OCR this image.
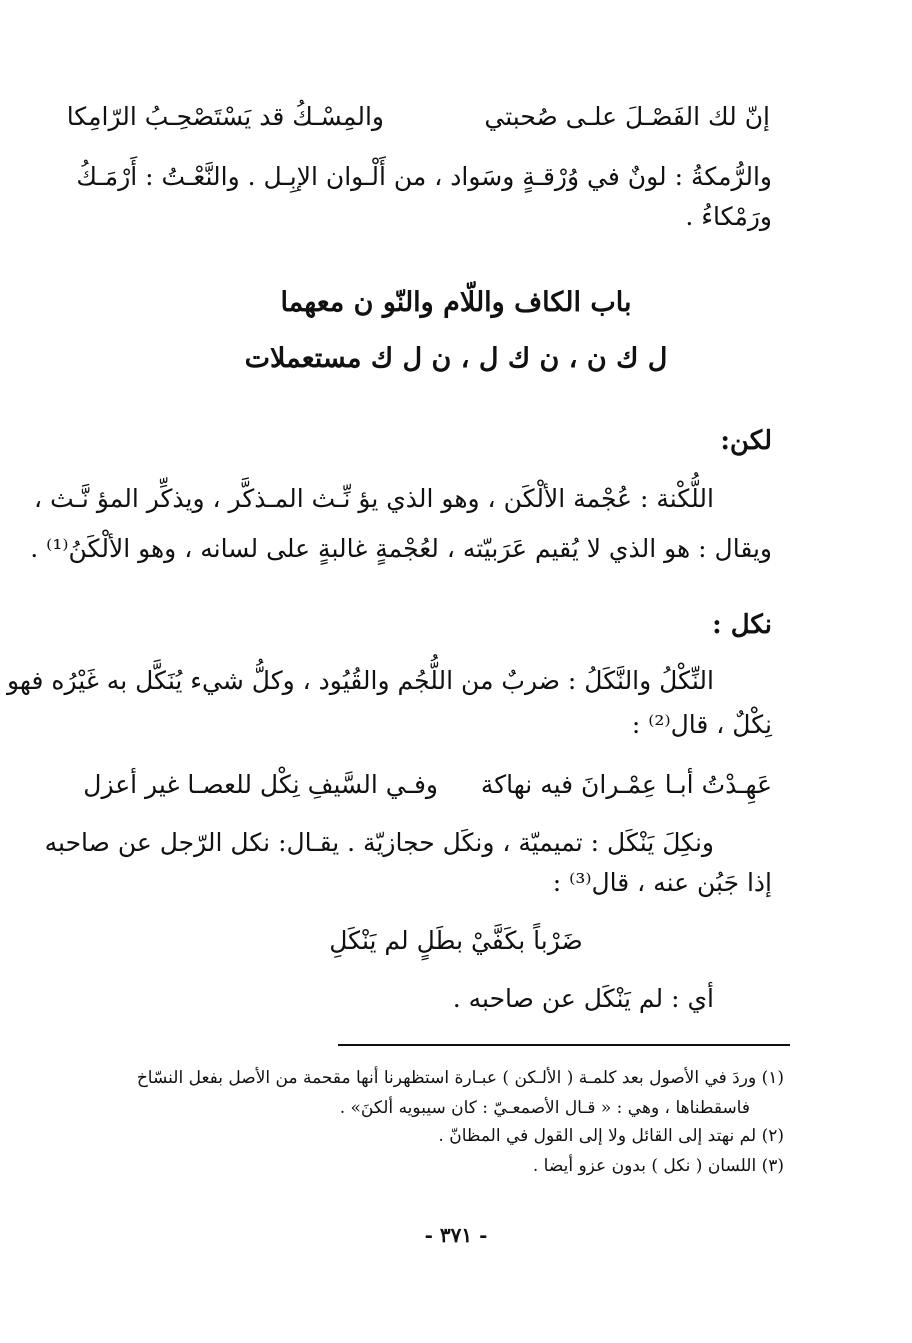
إنّ لك الفَصْـلَ علـى صُحبتي
والمِسْـكُ قد يَسْتَصْحِـبُ الرّامِكا
والرُّمكةُ : لونٌ في وُرْقـةٍ وسَواد ، من أَلْـوان الإبِـل . والنَّعْـتُ : أَرْمَـكُ
ورَمْكاءُ .
باب الكاف واللّام والنّو ن معهما
ل ك ن ، ن ك ل ، ن ل ك مستعملات
لكن:
اللُّكْنة : عُجْمة الألْكَن ، وهو الذي يؤ نِّـث المـذكَّر ، ويذكِّر المؤ نَّـث ،
ويقال : هو الذي لا يُقيم عَرَبيّته ، لعُجْمةٍ غالبةٍ على لسانه ، وهو الألْكَنُ⁽¹⁾ .
نكل :
النِّكْلُ والنَّكَلُ : ضربٌ من اللُّجُم والقُيُود ، وكلُّ شيء يُنَكَّل به غَيْرُه فهو
نِكْلٌ ، قال⁽²⁾ :
عَهِـدْتُ أبـا عِمْـرانَ فيه نهاكة
وفـي السَّيفِ نِكْل للعصـا غير أعزل
ونكِلَ يَنْكَل : تميميّة ، ونكَل حجازيّة . يقـال: نكل الرّجل عن صاحبه
إذا جَبُن عنه ، قال⁽³⁾ :
ضَرْباً بكَفَّيْ بطَلٍ لم يَنْكَلِ
أي : لم يَنْكَل عن صاحبه .
(١) وردَ في الأصول بعد كلمـة ( الألـكن ) عبـارة استظهرنا أنها مقحمة من الأصل بفعل النسّاخ
فاسقطناها ، وهي : « قـال الأصمعـيّ : كان سيبويه ألكنَ» .
(٢) لم نهتد إلى القائل ولا إلى القول في المظانّ .
(٣) اللسان ( نكل ) بدون عزو أيضا .
- ٣٧١ -
